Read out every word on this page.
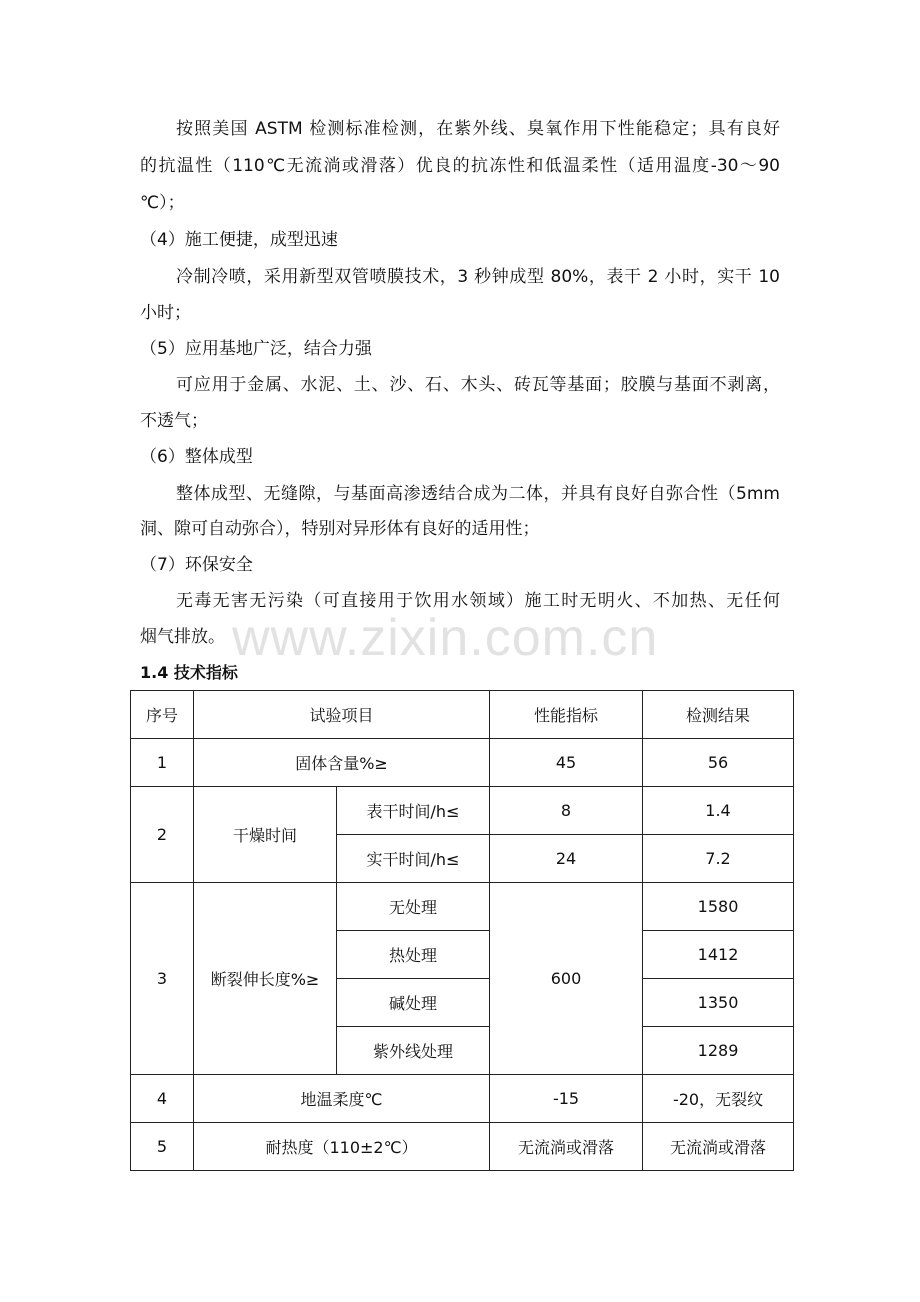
按照美国 ASTM 检测标准检测，在紫外线、臭氧作用下性能稳定；具有良好
的抗温性（110℃无流淌或滑落）优良的抗冻性和低温柔性（适用温度-30～90
℃）；
（4）施工便捷，成型迅速
冷制冷喷，采用新型双管喷膜技术，3 秒钟成型 80%，表干 2 小时，实干 10
小时；
（5）应用基地广泛，结合力强
可应用于金属、水泥、土、沙、石、木头、砖瓦等基面；胶膜与基面不剥离，
不透气；
（6）整体成型
整体成型、无缝隙，与基面高渗透结合成为二体，并具有良好自弥合性（5mm
洞、隙可自动弥合），特别对异形体有良好的适用性；
（7）环保安全
无毒无害无污染（可直接用于饮用水领域）施工时无明火、不加热、无任何
烟气排放。 www.zixin.com.cn
1.4 技术指标
序号	试验项目		性能指标	检测结果
1	固体含量%≥		45	56
2	干燥时间	表干时间/h≤	8	1.4
		实干时间/h≤	24	7.2
3	断裂伸长度%≥	无处理	600	1580
		热处理		1412
		碱处理		1350
		紫外线处理		1289
4	地温柔度℃		-15	-20，无裂纹
5	耐热度（110±2℃）		无流淌或滑落	无流淌或滑落
